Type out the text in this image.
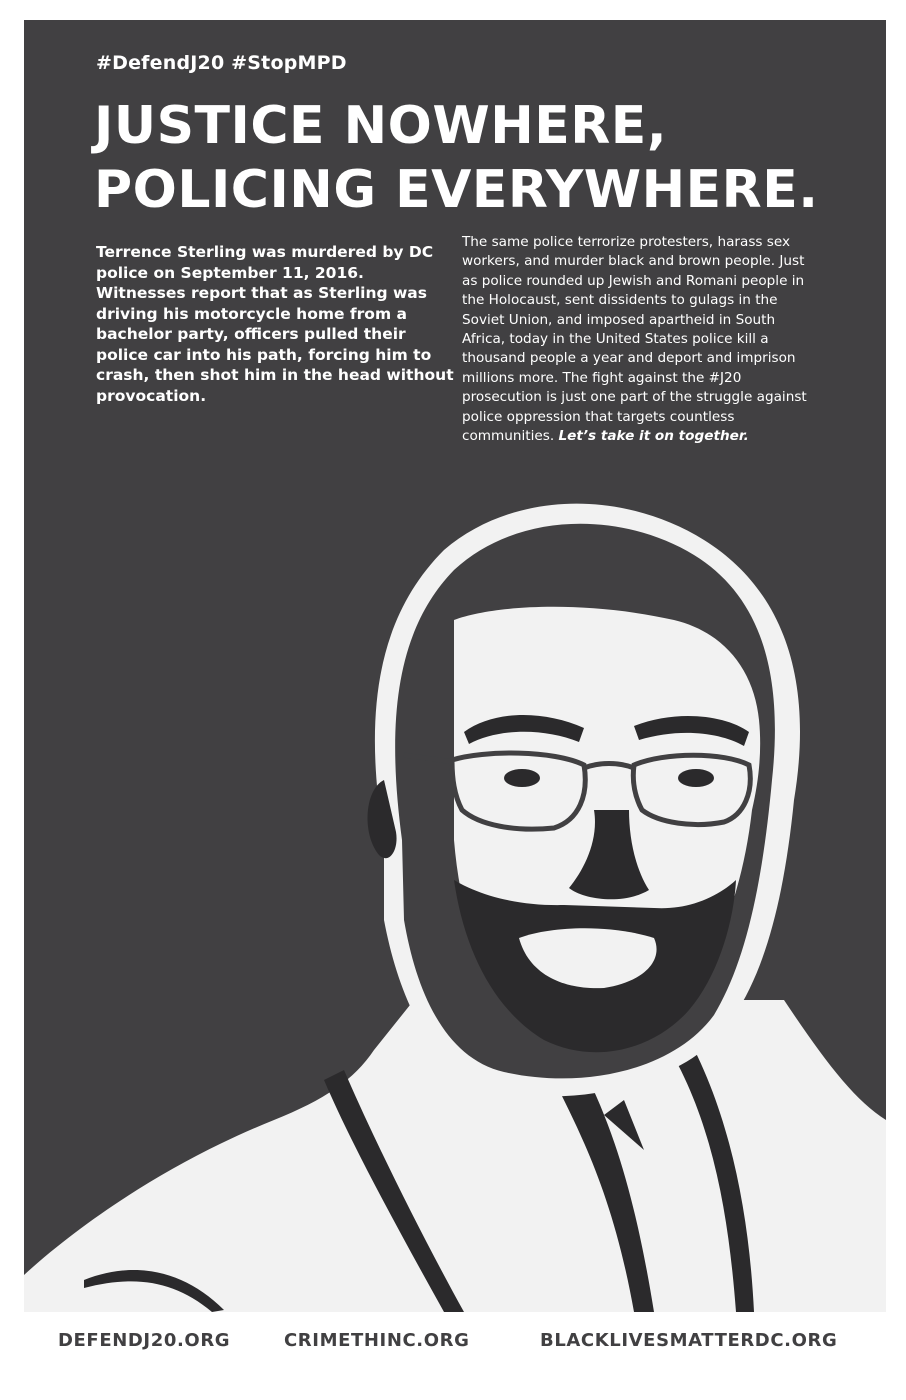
#DefendJ20 #StopMPD
JUSTICE NOWHERE,
POLICING EVERYWHERE.

Terrence Sterling was murdered by DC police on September 11, 2016. Witnesses report that as Sterling was driving his motorcycle home from a bachelor party, officers pulled their police car into his path, forcing him to crash, then shot him in the head without provocation.

The same police terrorize protesters, harass sex workers, and murder black and brown people. Just as police rounded up Jewish and Romani people in the Holocaust, sent dissidents to gulags in the Soviet Union, and imposed apartheid in South Africa, today in the United States police kill a thousand people a year and deport and imprison millions more. The fight against the #J20 prosecution is just one part of the struggle against police oppression that targets countless communities. Let’s take it on together.

DEFENDJ20.ORG	CRIMETHINC.ORG	BLACKLIVESMATTERDC.ORG
